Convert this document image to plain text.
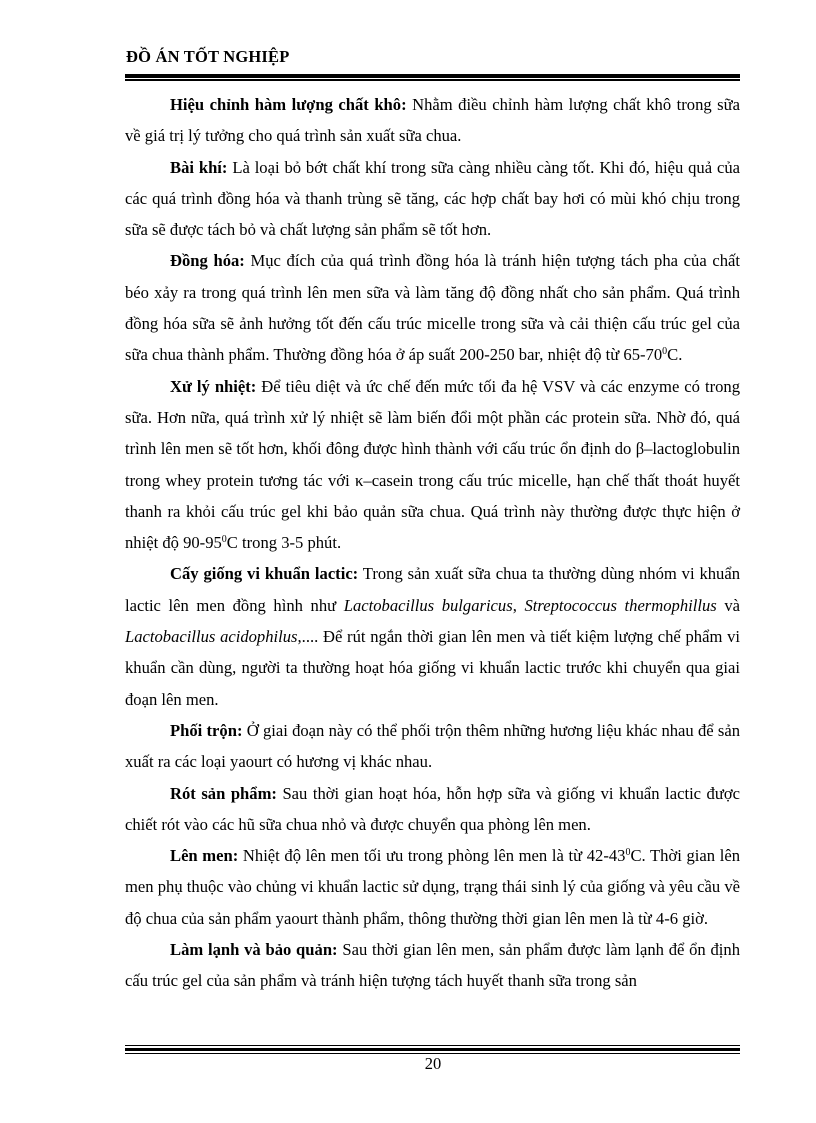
ĐỒ ÁN TỐT NGHIỆP

Hiệu chỉnh hàm lượng chất khô: Nhằm điều chỉnh hàm lượng chất khô trong sữa về giá trị lý tưởng cho quá trình sản xuất sữa chua.

Bài khí: Là loại bỏ bớt chất khí trong sữa càng nhiều càng tốt. Khi đó, hiệu quả của các quá trình đồng hóa và thanh trùng sẽ tăng, các hợp chất bay hơi có mùi khó chịu trong sữa sẽ được tách bỏ và chất lượng sản phẩm sẽ tốt hơn.

Đồng hóa: Mục đích của quá trình đồng hóa là tránh hiện tượng tách pha của chất béo xảy ra trong quá trình lên men sữa và làm tăng độ đồng nhất cho sản phẩm. Quá trình đồng hóa sữa sẽ ảnh hưởng tốt đến cấu trúc micelle trong sữa và cải thiện cấu trúc gel của sữa chua thành phẩm. Thường đồng hóa ở áp suất 200-250 bar, nhiệt độ từ $65-70^0C$.

Xử lý nhiệt: Để tiêu diệt và ức chế đến mức tối đa hệ VSV và các enzyme có trong sữa. Hơn nữa, quá trình xử lý nhiệt sẽ làm biến đổi một phần các protein sữa. Nhờ đó, quá trình lên men sẽ tốt hơn, khối đông được hình thành với cấu trúc ổn định do β–lactoglobulin trong whey protein tương tác với κ–casein trong cấu trúc micelle, hạn chế thất thoát huyết thanh ra khỏi cấu trúc gel khi bảo quản sữa chua. Quá trình này thường được thực hiện ở nhiệt độ $90-95^0C$ trong 3-5 phút.

Cấy giống vi khuẩn lactic: Trong sản xuất sữa chua ta thường dùng nhóm vi khuẩn lactic lên men đồng hình như Lactobacillus bulgaricus, Streptococcus thermophillus và Lactobacillus acidophilus,.... Để rút ngắn thời gian lên men và tiết kiệm lượng chế phẩm vi khuẩn cần dùng, người ta thường hoạt hóa giống vi khuẩn lactic trước khi chuyển qua giai đoạn lên men.

Phối trộn: Ở giai đoạn này có thể phối trộn thêm những hương liệu khác nhau để sản xuất ra các loại yaourt có hương vị khác nhau.

Rót sản phẩm: Sau thời gian hoạt hóa, hỗn hợp sữa và giống vi khuẩn lactic được chiết rót vào các hũ sữa chua nhỏ và được chuyển qua phòng lên men.

Lên men: Nhiệt độ lên men tối ưu trong phòng lên men là từ $42-43^0C$. Thời gian lên men phụ thuộc vào chủng vi khuẩn lactic sử dụng, trạng thái sinh lý của giống và yêu cầu về độ chua của sản phẩm yaourt thành phẩm, thông thường thời gian lên men là từ 4-6 giờ.

Làm lạnh và bảo quản: Sau thời gian lên men, sản phẩm được làm lạnh để ổn định cấu trúc gel của sản phẩm và tránh hiện tượng tách huyết thanh sữa trong sản

20
